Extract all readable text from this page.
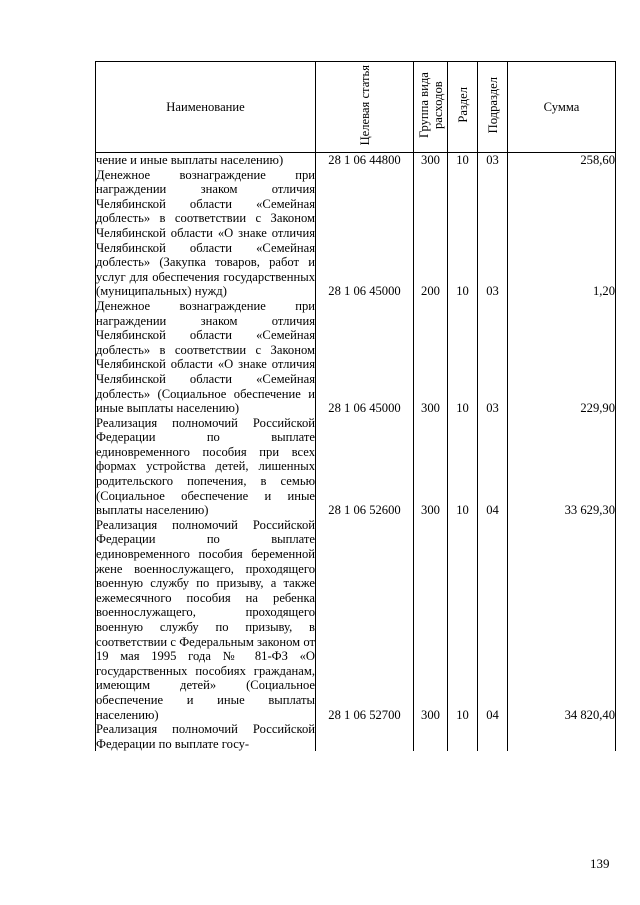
Наименование	Целевая статья	Группа вида расходов	Раздел	Подраздел	Сумма

чение и иные выплаты населению)	28 1 06 44800	300	10	03	258,60

Денежное вознаграждение при награждении знаком отличия Челябинской области «Семейная доблесть» в соответствии с Законом Челябинской области «О знаке отличия Челябинской области «Семейная доблесть» (Закупка товаров, работ и услуг для обеспечения государственных (муниципальных) нужд)	28 1 06 45000	200	10	03	1,20

Денежное вознаграждение при награждении знаком отличия Челябинской области «Семейная доблесть» в соответствии с Законом Челябинской области «О знаке отличия Челябинской области «Семейная доблесть» (Социальное обеспечение и иные выплаты населению)	28 1 06 45000	300	10	03	229,90

Реализация полномочий Российской Федерации по выплате единовременного пособия при всех формах устройства детей, лишенных родительского попечения, в семью (Социальное обеспечение и иные выплаты населению)	28 1 06 52600	300	10	04	33 629,30

Реализация полномочий Российской Федерации по выплате единовременного пособия беременной жене военнослужащего, проходящего военную службу по призыву, а также ежемесячного пособия на ребенка военнослужащего, проходящего военную службу по призыву, в соответствии с Федеральным законом от 19 мая 1995 года № 81-ФЗ «О государственных пособиях гражданам, имеющим детей» (Социальное обеспечение и иные выплаты населению)	28 1 06 52700	300	10	04	34 820,40

Реализация полномочий Российской Федерации по выплате госу-					

139
